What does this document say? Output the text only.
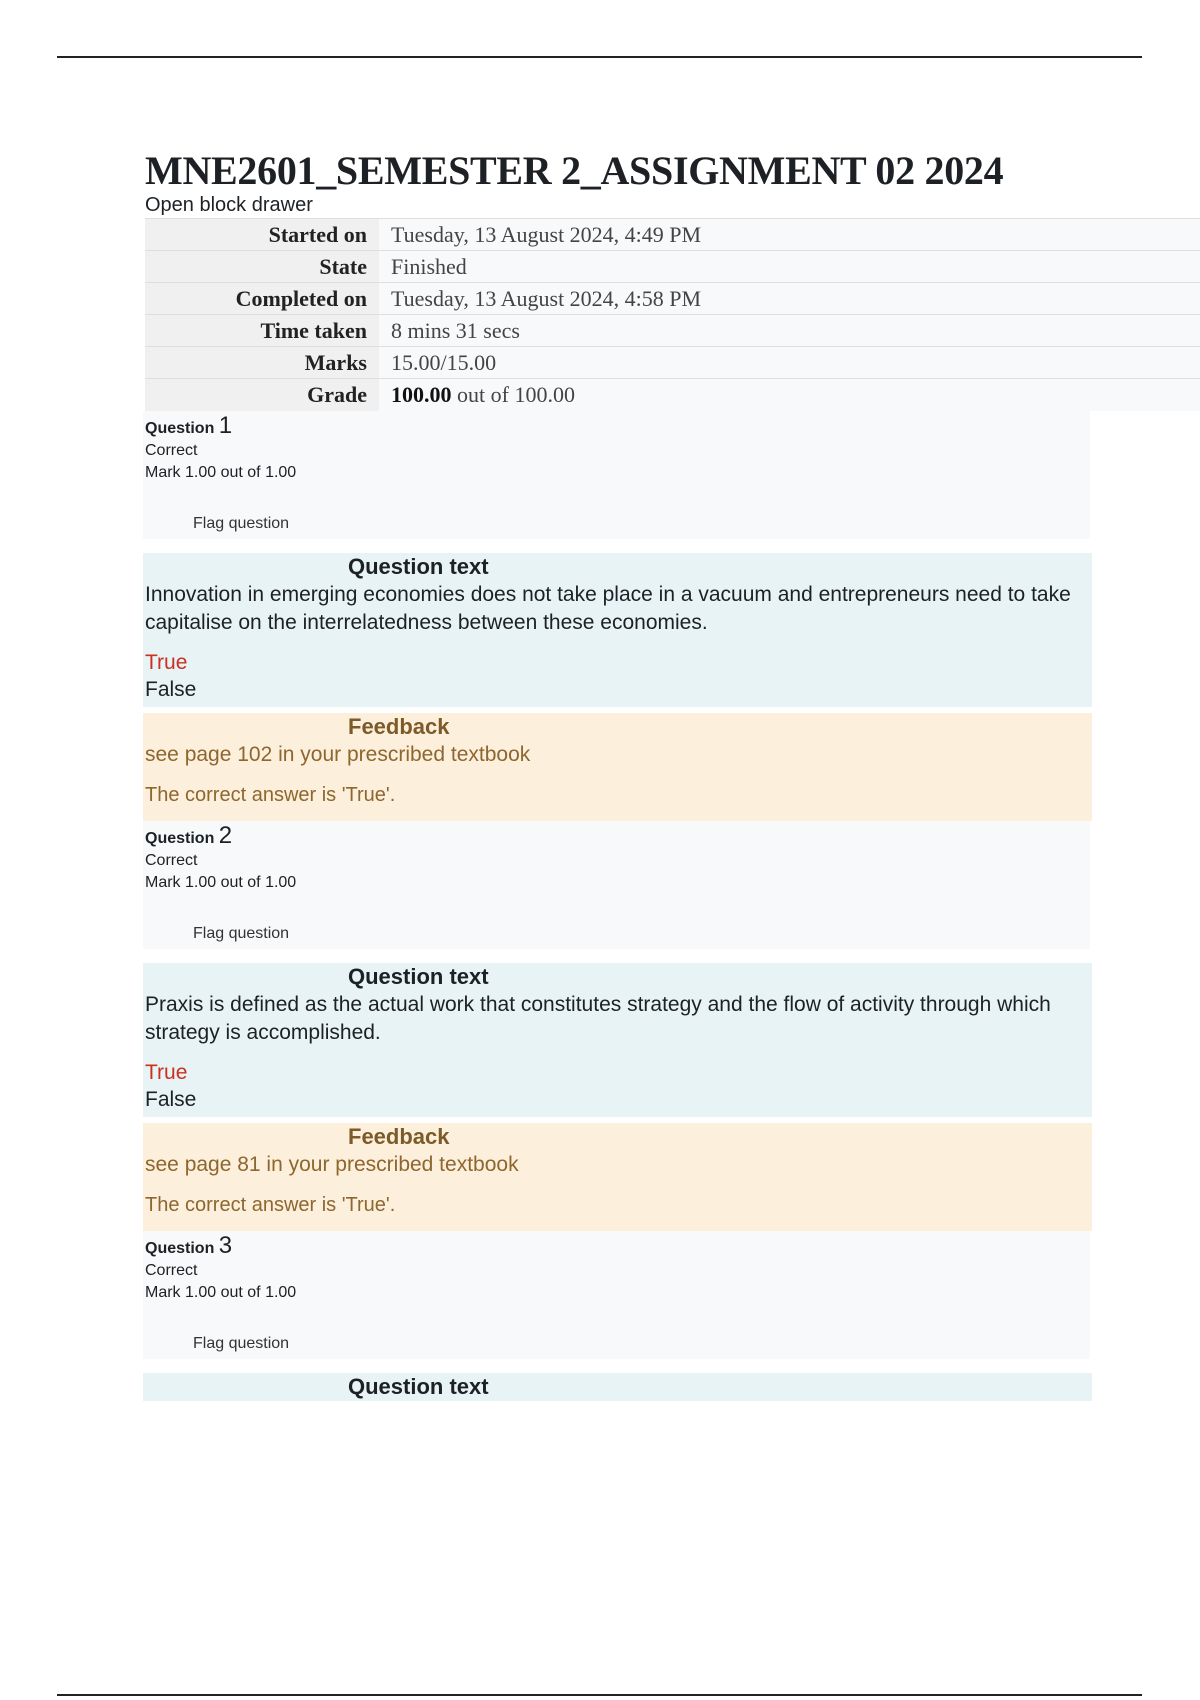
MNE2601_SEMESTER 2_ASSIGNMENT 02 2024
Open block drawer
Started on	Tuesday, 13 August 2024, 4:49 PM
State	Finished
Completed on	Tuesday, 13 August 2024, 4:58 PM
Time taken	8 mins 31 secs
Marks	15.00/15.00
Grade	100.00 out of 100.00
Question 1
Correct
Mark 1.00 out of 1.00
Flag question
Question text
Innovation in emerging economies does not take place in a vacuum and entrepreneurs need to take capitalise on the interrelatedness between these economies.
True
False
Feedback
see page 102 in your prescribed textbook
The correct answer is 'True'.
Question 2
Correct
Mark 1.00 out of 1.00
Flag question
Question text
Praxis is defined as the actual work that constitutes strategy and the flow of activity through which strategy is accomplished.
True
False
Feedback
see page 81 in your prescribed textbook
The correct answer is 'True'.
Question 3
Correct
Mark 1.00 out of 1.00
Flag question
Question text
